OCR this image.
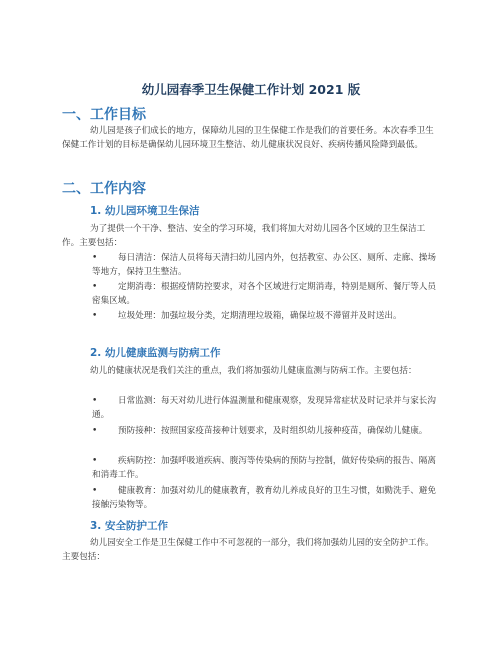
幼儿园春季卫生保健工作计划 2021 版
一、工作目标
幼儿园是孩子们成长的地方，保障幼儿园的卫生保健工作是我们的首要任务。本次春季卫生保健工作计划的目标是确保幼儿园环境卫生整洁、幼儿健康状况良好、疾病传播风险降到最低。
二、工作内容
1. 幼儿园环境卫生保洁
为了提供一个干净、整洁、安全的学习环境，我们将加大对幼儿园各个区域的卫生保洁工作。主要包括：
•	每日清洁：保洁人员将每天清扫幼儿园内外，包括教室、办公区、厕所、走廊、操场等地方，保持卫生整洁。
•	定期消毒：根据疫情防控要求，对各个区域进行定期消毒，特别是厕所、餐厅等人员密集区域。
•	垃圾处理：加强垃圾分类，定期清理垃圾箱，确保垃圾不滞留并及时送出。
2. 幼儿健康监测与防病工作
幼儿的健康状况是我们关注的重点，我们将加强幼儿健康监测与防病工作。主要包括：
•	日常监测：每天对幼儿进行体温测量和健康观察，发现异常症状及时记录并与家长沟通。
•	预防接种：按照国家疫苗接种计划要求，及时组织幼儿接种疫苗，确保幼儿健康。
•	疾病防控：加强呼吸道疾病、腹泻等传染病的预防与控制，做好传染病的报告、隔离和消毒工作。
•	健康教育：加强对幼儿的健康教育，教育幼儿养成良好的卫生习惯，如勤洗手、避免接触污染物等。
3. 安全防护工作
幼儿园安全工作是卫生保健工作中不可忽视的一部分，我们将加强幼儿园的安全防护工作。主要包括：
